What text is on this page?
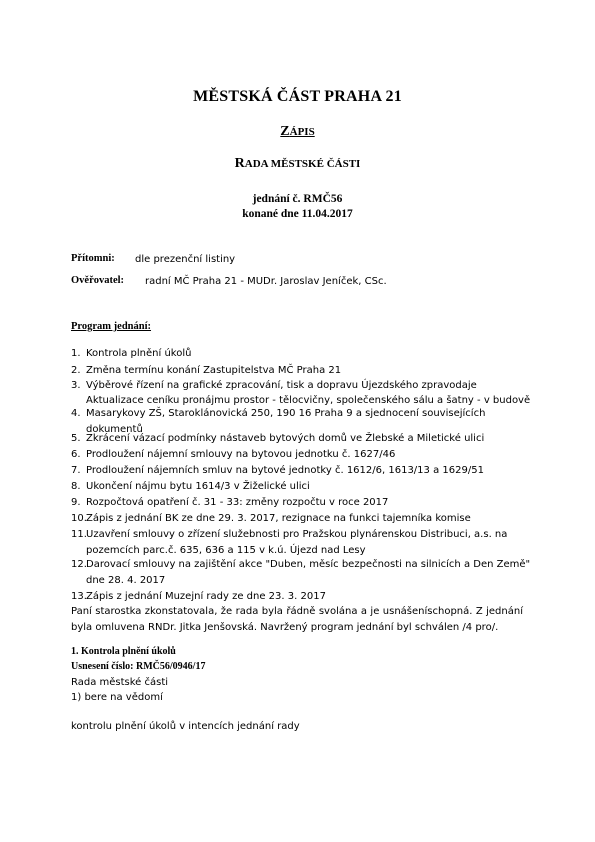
MĚSTSKÁ ČÁST PRAHA 21
ZÁPIS
RADA MĚSTSKÉ ČÁSTI
jednání č. RMČ56
konané dne 11.04.2017
Přítomni: dle prezenční listiny
Ověřovatel: radní MČ Praha 21 - MUDr. Jaroslav Jeníček, CSc.
Program jednání:
1. Kontrola plnění úkolů
2. Změna termínu konání Zastupitelstva MČ Praha 21
3. Výběrové řízení na grafické zpracování, tisk a dopravu Újezdského zpravodaje
Aktualizace ceníku pronájmu prostor - tělocvičny, společenského sálu a šatny - v budově
4. Masarykovy ZŠ, Staroklánovická 250, 190 16 Praha 9 a sjednocení souvisejících
dokumentů
5. Zkrácení vázací podmínky nástaveb bytových domů ve Žlebské a Miletické ulici
6. Prodloužení nájemní smlouvy na bytovou jednotku č. 1627/46
7. Prodloužení nájemních smluv na bytové jednotky č. 1612/6, 1613/13 a 1629/51
8. Ukončení nájmu bytu 1614/3 v Žiželické ulici
9. Rozpočtová opatření č. 31 - 33: změny rozpočtu v roce 2017
10. Zápis z jednání BK ze dne 29. 3. 2017, rezignace na funkci tajemníka komise
11. Uzavření smlouvy o zřízení služebnosti pro Pražskou plynárenskou Distribuci, a.s. na
pozemcích parc.č. 635, 636 a 115 v k.ú. Újezd nad Lesy
12. Darovací smlouvy na zajištění akce "Duben, měsíc bezpečnosti na silnicích a Den Země"
dne 28. 4. 2017
13. Zápis z jednání Muzejní rady ze dne 23. 3. 2017
Paní starostka zkonstatovala, že rada byla řádně svolána a je usnášeníschopná. Z jednání byla omluvena RNDr. Jitka Jenšovská. Navržený program jednání byl schválen /4 pro/.
1. Kontrola plnění úkolů
Usnesení číslo: RMČ56/0946/17
Rada městské části
1) bere na vědomí
kontrolu plnění úkolů v intencích jednání rady
